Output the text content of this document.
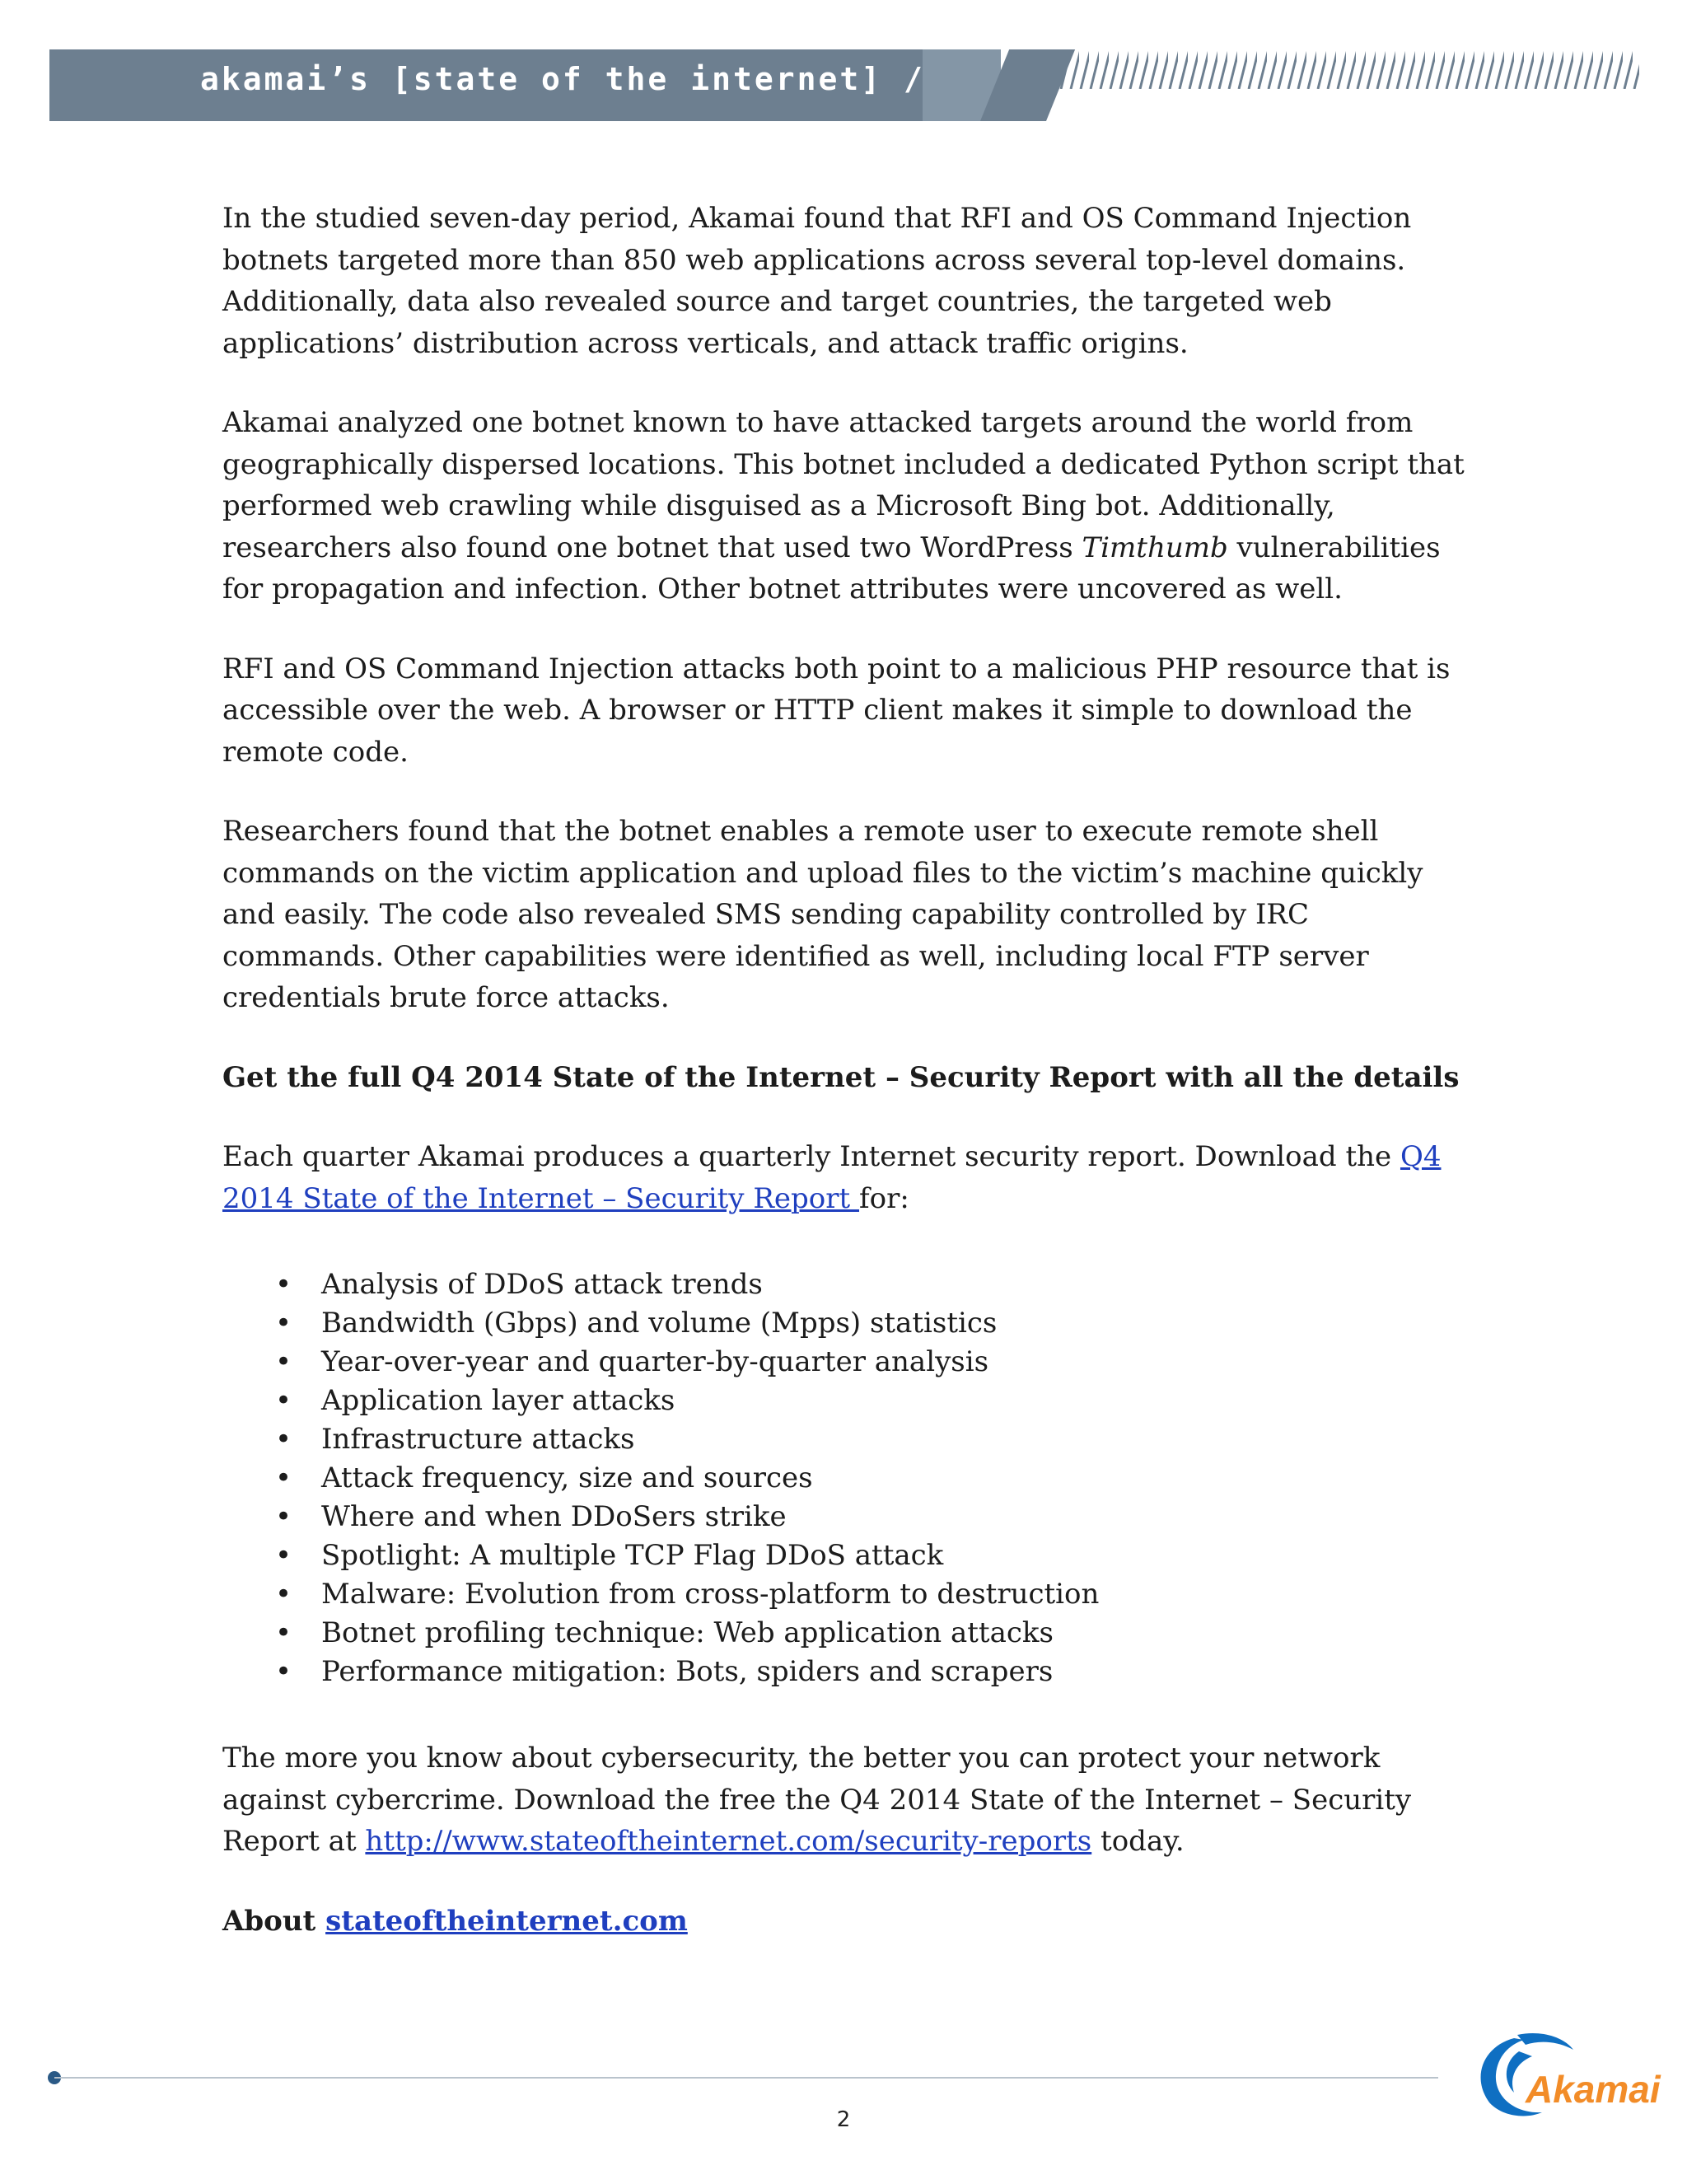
akamai’s [state of the internet] /

In the studied seven-day period, Akamai found that RFI and OS Command Injection botnets targeted more than 850 web applications across several top-level domains. Additionally, data also revealed source and target countries, the targeted web applications’ distribution across verticals, and attack traffic origins.

Akamai analyzed one botnet known to have attacked targets around the world from geographically dispersed locations. This botnet included a dedicated Python script that performed web crawling while disguised as a Microsoft Bing bot. Additionally, researchers also found one botnet that used two WordPress Timthumb vulnerabilities for propagation and infection. Other botnet attributes were uncovered as well.

RFI and OS Command Injection attacks both point to a malicious PHP resource that is accessible over the web. A browser or HTTP client makes it simple to download the remote code.

Researchers found that the botnet enables a remote user to execute remote shell commands on the victim application and upload files to the victim’s machine quickly and easily. The code also revealed SMS sending capability controlled by IRC commands. Other capabilities were identified as well, including local FTP server credentials brute force attacks.

Get the full Q4 2014 State of the Internet – Security Report with all the details

Each quarter Akamai produces a quarterly Internet security report. Download the Q4 2014 State of the Internet – Security Report for:

• Analysis of DDoS attack trends
• Bandwidth (Gbps) and volume (Mpps) statistics
• Year-over-year and quarter-by-quarter analysis
• Application layer attacks
• Infrastructure attacks
• Attack frequency, size and sources
• Where and when DDoSers strike
• Spotlight: A multiple TCP Flag DDoS attack
• Malware: Evolution from cross-platform to destruction
• Botnet profiling technique: Web application attacks
• Performance mitigation: Bots, spiders and scrapers

The more you know about cybersecurity, the better you can protect your network against cybercrime. Download the free the Q4 2014 State of the Internet – Security Report at http://www.stateoftheinternet.com/security-reports today.

About stateoftheinternet.com

Akamai
2
